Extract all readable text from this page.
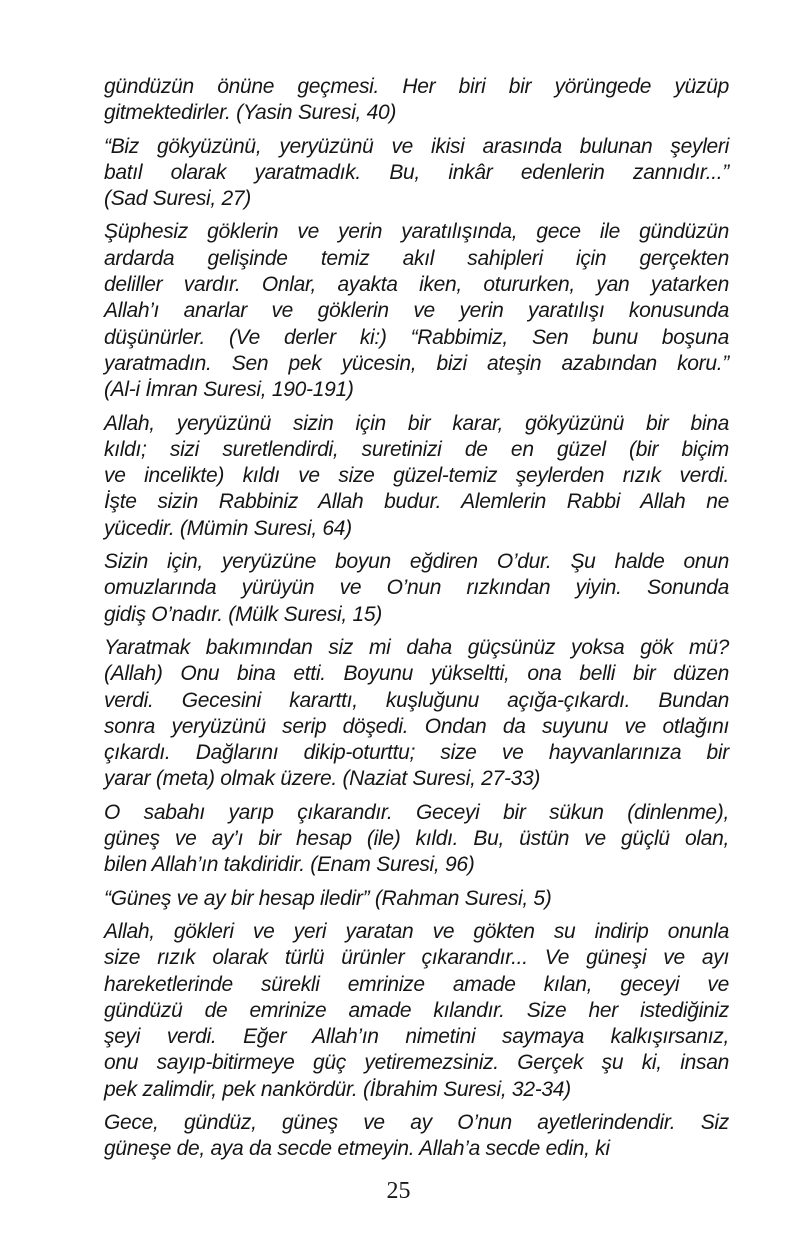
gündüzün önüne geçmesi. Her biri bir yörüngede yüzüp
gitmektedirler. (Yasin Suresi, 40)

“Biz gökyüzünü, yeryüzünü ve ikisi arasında bulunan şeyleri
batıl olarak yaratmadık. Bu, inkâr edenlerin zannıdır...”
(Sad Suresi, 27)

Şüphesiz göklerin ve yerin yaratılışında, gece ile gündüzün
ardarda gelişinde temiz akıl sahipleri için gerçekten
deliller vardır. Onlar, ayakta iken, otururken, yan yatarken
Allah’ı anarlar ve göklerin ve yerin yaratılışı konusunda
düşünürler. (Ve derler ki:) “Rabbimiz, Sen bunu boşuna
yaratmadın. Sen pek yücesin, bizi ateşin azabından koru.”
(Al-i İmran Suresi, 190-191)

Allah, yeryüzünü sizin için bir karar, gökyüzünü bir bina
kıldı; sizi suretlendirdi, suretinizi de en güzel (bir biçim
ve incelikte) kıldı ve size güzel-temiz şeylerden rızık verdi.
İşte sizin Rabbiniz Allah budur. Alemlerin Rabbi Allah ne
yücedir. (Mümin Suresi, 64)

Sizin için, yeryüzüne boyun eğdiren O’dur. Şu halde onun
omuzlarında yürüyün ve O’nun rızkından yiyin. Sonunda
gidiş O’nadır. (Mülk Suresi, 15)

Yaratmak bakımından siz mi daha güçsünüz yoksa gök mü?
(Allah) Onu bina etti. Boyunu yükseltti, ona belli bir düzen
verdi. Gecesini kararttı, kuşluğunu açığa-çıkardı. Bundan
sonra yeryüzünü serip döşedi. Ondan da suyunu ve otlağını
çıkardı. Dağlarını dikip-oturttu; size ve hayvanlarınıza bir
yarar (meta) olmak üzere. (Naziat Suresi, 27-33)

O sabahı yarıp çıkarandır. Geceyi bir sükun (dinlenme),
güneş ve ay’ı bir hesap (ile) kıldı. Bu, üstün ve güçlü olan,
bilen Allah’ın takdiridir. (Enam Suresi, 96)

“Güneş ve ay bir hesap iledir” (Rahman Suresi, 5)

Allah, gökleri ve yeri yaratan ve gökten su indirip onunla
size rızık olarak türlü ürünler çıkarandır... Ve güneşi ve ayı
hareketlerinde sürekli emrinize amade kılan, geceyi ve
gündüzü de emrinize amade kılandır. Size her istediğiniz
şeyi verdi. Eğer Allah’ın nimetini saymaya kalkışırsanız,
onu sayıp-bitirmeye güç yetiremezsiniz. Gerçek şu ki, insan
pek zalimdir, pek nankördür. (İbrahim Suresi, 32-34)

Gece, gündüz, güneş ve ay O’nun ayetlerindendir. Siz
güneşe de, aya da secde etmeyin. Allah’a secde edin, ki

25
